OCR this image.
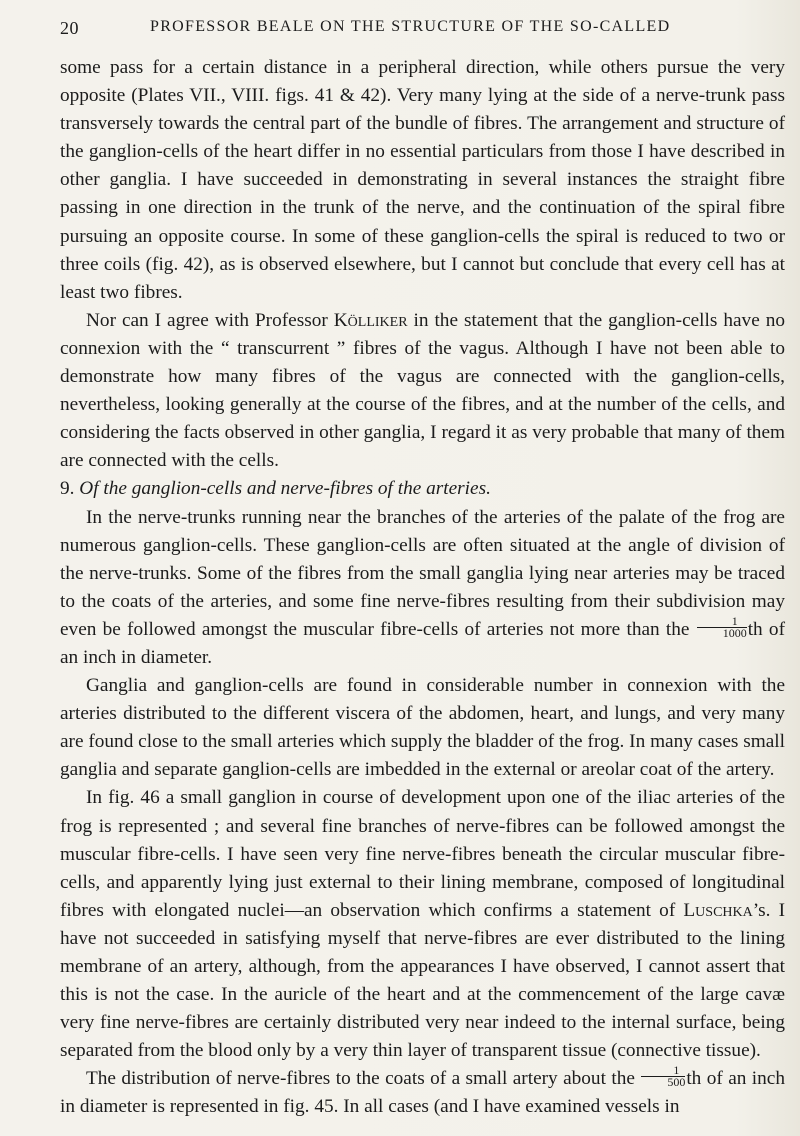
20	PROFESSOR BEALE ON THE STRUCTURE OF THE SO-CALLED

some pass for a certain distance in a peripheral direction, while others pursue the very opposite (Plates VII., VIII. figs. 41 & 42). Very many lying at the side of a nerve-trunk pass transversely towards the central part of the bundle of fibres. The arrangement and structure of the ganglion-cells of the heart differ in no essential particulars from those I have described in other ganglia. I have succeeded in demonstrating in several instances the straight fibre passing in one direction in the trunk of the nerve, and the continuation of the spiral fibre pursuing an opposite course. In some of these ganglion-cells the spiral is reduced to two or three coils (fig. 42), as is observed elsewhere, but I cannot but conclude that every cell has at least two fibres.

Nor can I agree with Professor Kölliker in the statement that the ganglion-cells have no connexion with the “ transcurrent ” fibres of the vagus. Although I have not been able to demonstrate how many fibres of the vagus are connected with the ganglion-cells, nevertheless, looking generally at the course of the fibres, and at the number of the cells, and considering the facts observed in other ganglia, I regard it as very probable that many of them are connected with the cells.

9. Of the ganglion-cells and nerve-fibres of the arteries.

In the nerve-trunks running near the branches of the arteries of the palate of the frog are numerous ganglion-cells. These ganglion-cells are often situated at the angle of division of the nerve-trunks. Some of the fibres from the small ganglia lying near arteries may be traced to the coats of the arteries, and some fine nerve-fibres resulting from their subdivision may even be followed amongst the muscular fibre-cells of arteries not more than the $\frac{1}{1000}$ th of an inch in diameter.

Ganglia and ganglion-cells are found in considerable number in connexion with the arteries distributed to the different viscera of the abdomen, heart, and lungs, and very many are found close to the small arteries which supply the bladder of the frog. In many cases small ganglia and separate ganglion-cells are imbedded in the external or areolar coat of the artery.

In fig. 46 a small ganglion in course of development upon one of the iliac arteries of the frog is represented ; and several fine branches of nerve-fibres can be followed amongst the muscular fibre-cells. I have seen very fine nerve-fibres beneath the circular muscular fibre-cells, and apparently lying just external to their lining membrane, composed of longitudinal fibres with elongated nuclei—an observation which confirms a statement of Luschka’s. I have not succeeded in satisfying myself that nerve-fibres are ever distributed to the lining membrane of an artery, although, from the appearances I have observed, I cannot assert that this is not the case. In the auricle of the heart and at the commencement of the large cavæ very fine nerve-fibres are certainly distributed very near indeed to the internal surface, being separated from the blood only by a very thin layer of transparent tissue (connective tissue).

The distribution of nerve-fibres to the coats of a small artery about the $\frac{1}{500}$ th of an inch in diameter is represented in fig. 45. In all cases (and I have examined vessels in
